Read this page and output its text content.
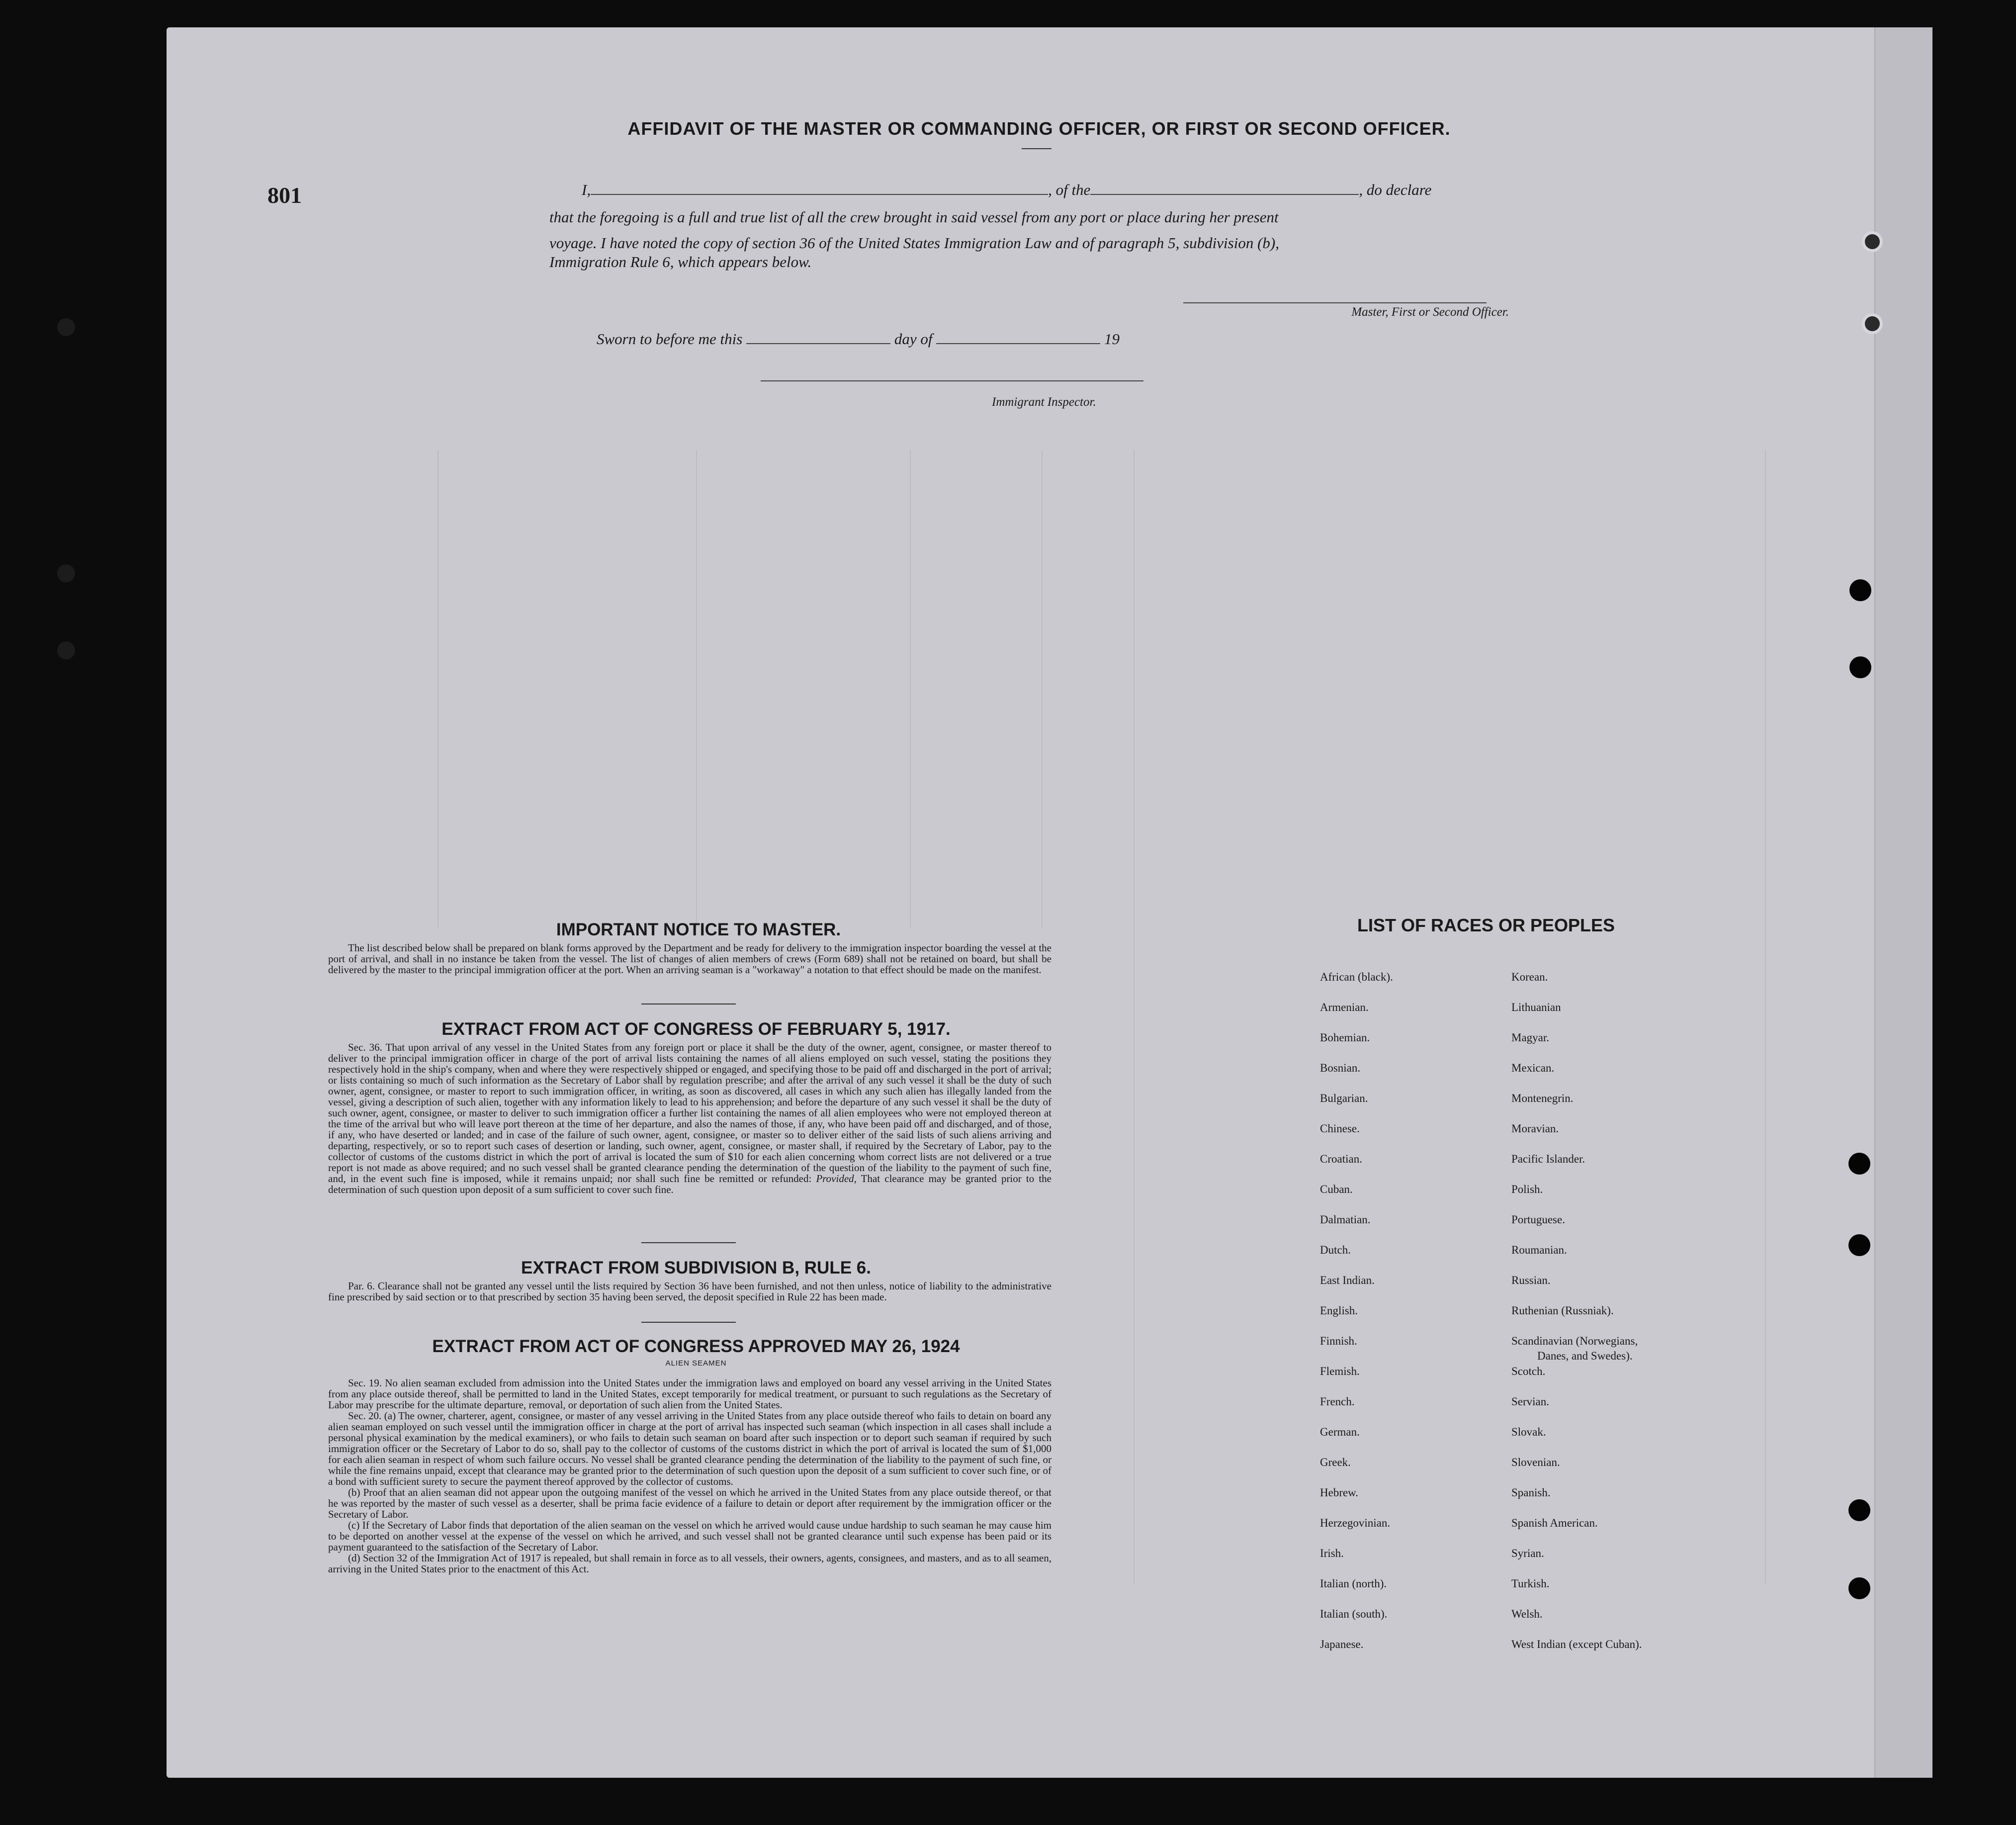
AFFIDAVIT OF THE MASTER OR COMMANDING OFFICER, OR FIRST OR SECOND OFFICER.
801	I,	, of the	, do declare
that the foregoing is a full and true list of all the crew brought in said vessel from any port or place during her present
voyage. I have noted the copy of section 36 of the United States Immigration Law and of paragraph 5, subdivision (b),
Immigration Rule 6, which appears below.
Master, First or Second Officer.
Sworn to before me this	day of	19
Immigrant Inspector.
IMPORTANT NOTICE TO MASTER.

The list described below shall be prepared on blank forms approved by the Department and be ready for delivery to the immigration inspector boarding the vessel at the port of arrival, and shall in no instance be taken from the vessel. The list of changes of alien members of crews (Form 689) shall not be retained on board, but shall be delivered by the master to the principal immigration officer at the port. When an arriving seaman is a "workaway" a notation to that effect should be made on the manifest.

EXTRACT FROM ACT OF CONGRESS OF FEBRUARY 5, 1917.

Sec. 36. That upon arrival of any vessel in the United States from any foreign port or place it shall be the duty of the owner, agent, consignee, or master thereof to deliver to the principal immigration officer in charge of the port of arrival lists containing the names of all aliens employed on such vessel, stating the positions they respectively hold in the ship's company, when and where they were respectively shipped or engaged, and specifying those to be paid off and discharged in the port of arrival; or lists containing so much of such information as the Secretary of Labor shall by regulation prescribe; and after the arrival of any such vessel it shall be the duty of such owner, agent, consignee, or master to report to such immigration officer, in writing, as soon as discovered, all cases in which any such alien has illegally landed from the vessel, giving a description of such alien, together with any information likely to lead to his apprehension; and before the departure of any such vessel it shall be the duty of such owner, agent, consignee, or master to deliver to such immigration officer a further list containing the names of all alien employees who were not employed thereon at the time of the arrival but who will leave port thereon at the time of her departure, and also the names of those, if any, who have been paid off and discharged, and of those, if any, who have deserted or landed; and in case of the failure of such owner, agent, consignee, or master so to deliver either of the said lists of such aliens arriving and departing, respectively, or so to report such cases of desertion or landing, such owner, agent, consignee, or master shall, if required by the Secretary of Labor, pay to the collector of customs of the customs district in which the port of arrival is located the sum of $10 for each alien concerning whom correct lists are not delivered or a true report is not made as above required; and no such vessel shall be granted clearance pending the determination of the question of the liability to the payment of such fine, and, in the event such fine is imposed, while it remains unpaid; nor shall such fine be remitted or refunded: Provided, That clearance may be granted prior to the determination of such question upon deposit of a sum sufficient to cover such fine.

EXTRACT FROM SUBDIVISION B, RULE 6.

Par. 6. Clearance shall not be granted any vessel until the lists required by Section 36 have been furnished, and not then unless, notice of liability to the administrative fine prescribed by said section or to that prescribed by section 35 having been served, the deposit specified in Rule 22 has been made.

EXTRACT FROM ACT OF CONGRESS APPROVED MAY 26, 1924
ALIEN SEAMEN

Sec. 19. No alien seaman excluded from admission into the United States under the immigration laws and employed on board any vessel arriving in the United States from any place outside thereof, shall be permitted to land in the United States, except temporarily for medical treatment, or pursuant to such regulations as the Secretary of Labor may prescribe for the ultimate departure, removal, or deportation of such alien from the United States.

Sec. 20. (a) The owner, charterer, agent, consignee, or master of any vessel arriving in the United States from any place outside thereof who fails to detain on board any alien seaman employed on such vessel until the immigration officer in charge at the port of arrival has inspected such seaman (which inspection in all cases shall include a personal physical examination by the medical examiners), or who fails to detain such seaman on board after such inspection or to deport such seaman if required by such immigration officer or the Secretary of Labor to do so, shall pay to the collector of customs of the customs district in which the port of arrival is located the sum of $1,000 for each alien seaman in respect of whom such failure occurs. No vessel shall be granted clearance pending the determination of the liability to the payment of such fine, or while the fine remains unpaid, except that clearance may be granted prior to the determination of such question upon the deposit of a sum sufficient to cover such fine, or of a bond with sufficient surety to secure the payment thereof approved by the collector of customs.

(b) Proof that an alien seaman did not appear upon the outgoing manifest of the vessel on which he arrived in the United States from any place outside thereof, or that he was reported by the master of such vessel as a deserter, shall be prima facie evidence of a failure to detain or deport after requirement by the immigration officer or the Secretary of Labor.

(c) If the Secretary of Labor finds that deportation of the alien seaman on the vessel on which he arrived would cause undue hardship to such seaman he may cause him to be deported on another vessel at the expense of the vessel on which he arrived, and such vessel shall not be granted clearance until such expense has been paid or its payment guaranteed to the satisfaction of the Secretary of Labor.

(d) Section 32 of the Immigration Act of 1917 is repealed, but shall remain in force as to all vessels, their owners, agents, consignees, and masters, and as to all seamen, arriving in the United States prior to the enactment of this Act.

LIST OF RACES OR PEOPLES
African (black).
Armenian.
Bohemian.
Bosnian.
Bulgarian.
Chinese.
Croatian.
Cuban.
Dalmatian.
Dutch.
East Indian.
English.
Finnish.
Flemish.
French.
German.
Greek.
Hebrew.
Herzegovinian.
Irish.
Italian (north).
Italian (south).
Japanese.
Korean.
Lithuanian
Magyar.
Mexican.
Montenegrin.
Moravian.
Pacific Islander.
Polish.
Portuguese.
Roumanian.
Russian.
Ruthenian (Russniak).
Scandinavian (Norwegians,
Danes, and Swedes).
Scotch.
Servian.
Slovak.
Slovenian.
Spanish.
Spanish American.
Syrian.
Turkish.
Welsh.
West Indian (except Cuban).
